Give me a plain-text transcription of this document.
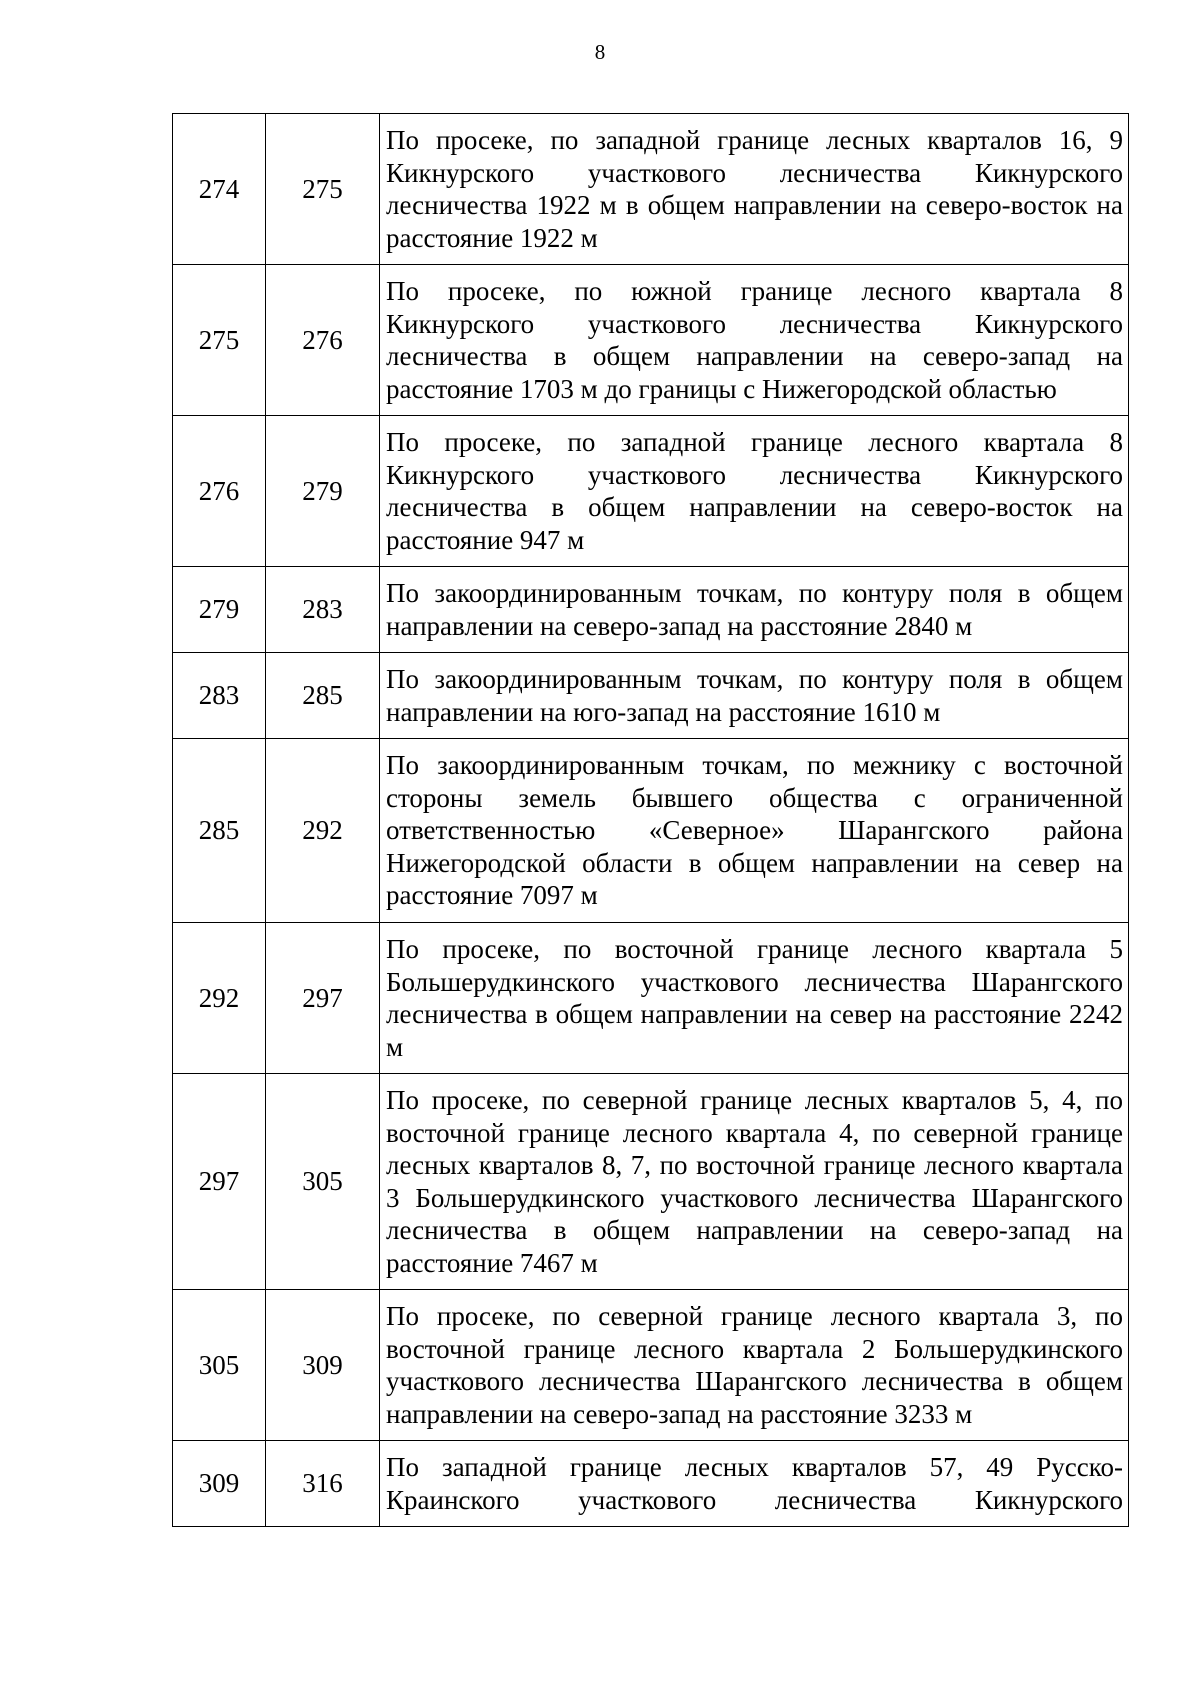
8
274	275	По просеке, по западной границе лесных кварталов 16, 9 Кикнурского участкового лесничества Кикнурского лесничества 1922 м в общем направлении на северо-восток на расстояние 1922 м
275	276	По просеке, по южной границе лесного квартала 8 Кикнурского участкового лесничества Кикнурского лесничества в общем направлении на северо-запад на расстояние 1703 м до границы с Нижегородской областью
276	279	По просеке, по западной границе лесного квартала 8 Кикнурского участкового лесничества Кикнурского лесничества в общем направлении на северо-восток на расстояние 947 м
279	283	По закоординированным точкам, по контуру поля в общем направлении на северо-запад на расстояние 2840 м
283	285	По закоординированным точкам, по контуру поля в общем направлении на юго-запад на расстояние 1610 м
285	292	По закоординированным точкам, по межнику с восточной стороны земель бывшего общества с ограниченной ответственностью «Северное» Шарангского района Нижегородской области в общем направлении на север на расстояние 7097 м
292	297	По просеке, по восточной границе лесного квартала 5 Большерудкинского участкового лесничества Шарангского лесничества в общем направлении на север на расстояние 2242 м
297	305	По просеке, по северной границе лесных кварталов 5, 4, по восточной границе лесного квартала 4, по северной границе лесных кварталов 8, 7, по восточной границе лесного квартала 3 Большерудкинского участкового лесничества Шарангского лесничества в общем направлении на северо-запад на расстояние 7467 м
305	309	По просеке, по северной границе лесного квартала 3, по восточной границе лесного квартала 2 Большерудкинского участкового лесничества Шарангского лесничества в общем направлении на северо-запад на расстояние 3233 м
309	316	По западной границе лесных кварталов 57, 49 Русско-Краинского участкового лесничества Кикнурского
